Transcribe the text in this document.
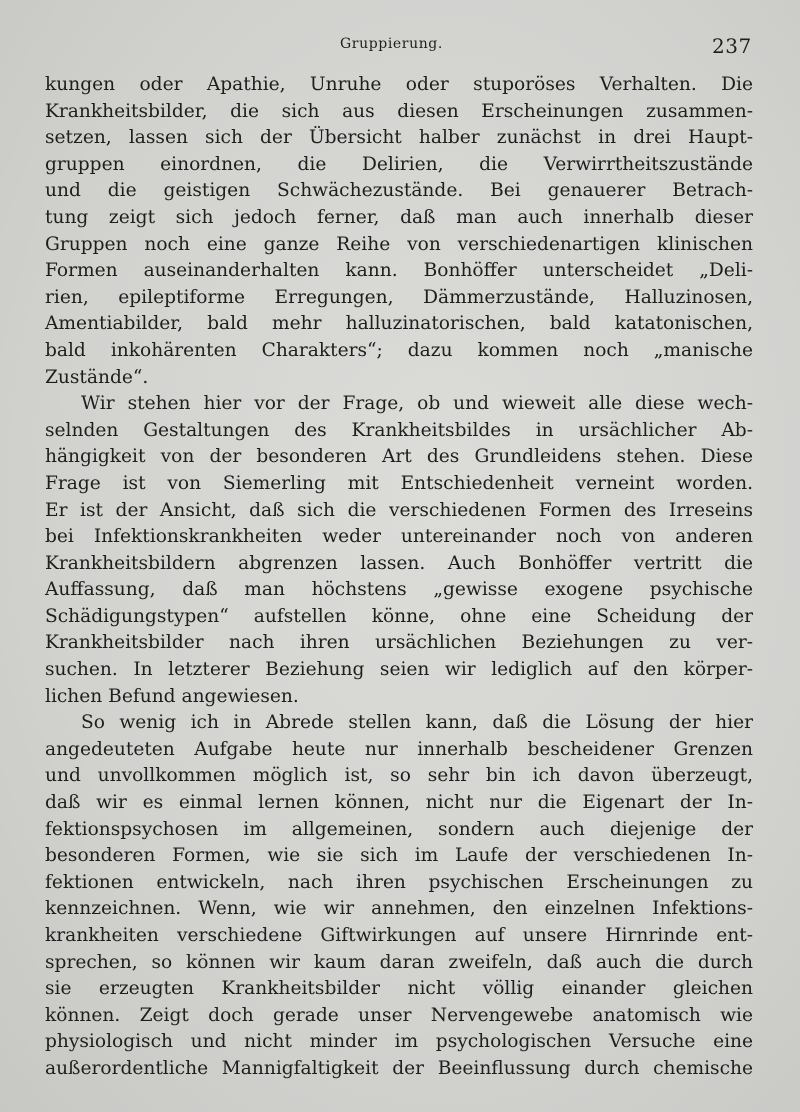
Gruppierung.	237

kungen oder Apathie, Unruhe oder stuporöses Verhalten. Die

Krankheitsbilder, die sich aus diesen Erscheinungen zusammen-

setzen, lassen sich der Übersicht halber zunächst in drei Haupt-

gruppen einordnen, die Delirien, die Verwirrtheitszustände

und die geistigen Schwächezustände. Bei genauerer Betrach-

tung zeigt sich jedoch ferner, daß man auch innerhalb dieser

Gruppen noch eine ganze Reihe von verschiedenartigen klinischen

Formen auseinanderhalten kann. Bonhöffer unterscheidet „Deli-

rien, epileptiforme Erregungen, Dämmerzustände, Halluzinosen,

Amentiabilder, bald mehr halluzinatorischen, bald katatonischen,

bald inkohärenten Charakters“; dazu kommen noch „manische

Zustände“.

Wir stehen hier vor der Frage, ob und wieweit alle diese wech-

selnden Gestaltungen des Krankheitsbildes in ursächlicher Ab-

hängigkeit von der besonderen Art des Grundleidens stehen. Diese

Frage ist von Siemerling mit Entschiedenheit verneint worden.

Er ist der Ansicht, daß sich die verschiedenen Formen des Irreseins

bei Infektionskrankheiten weder untereinander noch von anderen

Krankheitsbildern abgrenzen lassen. Auch Bonhöffer vertritt die

Auffassung, daß man höchstens „gewisse exogene psychische

Schädigungstypen“ aufstellen könne, ohne eine Scheidung der

Krankheitsbilder nach ihren ursächlichen Beziehungen zu ver-

suchen. In letzterer Beziehung seien wir lediglich auf den körper-

lichen Befund angewiesen.

So wenig ich in Abrede stellen kann, daß die Lösung der hier

angedeuteten Aufgabe heute nur innerhalb bescheidener Grenzen

und unvollkommen möglich ist, so sehr bin ich davon überzeugt,

daß wir es einmal lernen können, nicht nur die Eigenart der In-

fektionspsychosen im allgemeinen, sondern auch diejenige der

besonderen Formen, wie sie sich im Laufe der verschiedenen In-

fektionen entwickeln, nach ihren psychischen Erscheinungen zu

kennzeichnen. Wenn, wie wir annehmen, den einzelnen Infektions-

krankheiten verschiedene Giftwirkungen auf unsere Hirnrinde ent-

sprechen, so können wir kaum daran zweifeln, daß auch die durch

sie erzeugten Krankheitsbilder nicht völlig einander gleichen

können. Zeigt doch gerade unser Nervengewebe anatomisch wie

physiologisch und nicht minder im psychologischen Versuche eine

außerordentliche Mannigfaltigkeit der Beeinflussung durch chemische
